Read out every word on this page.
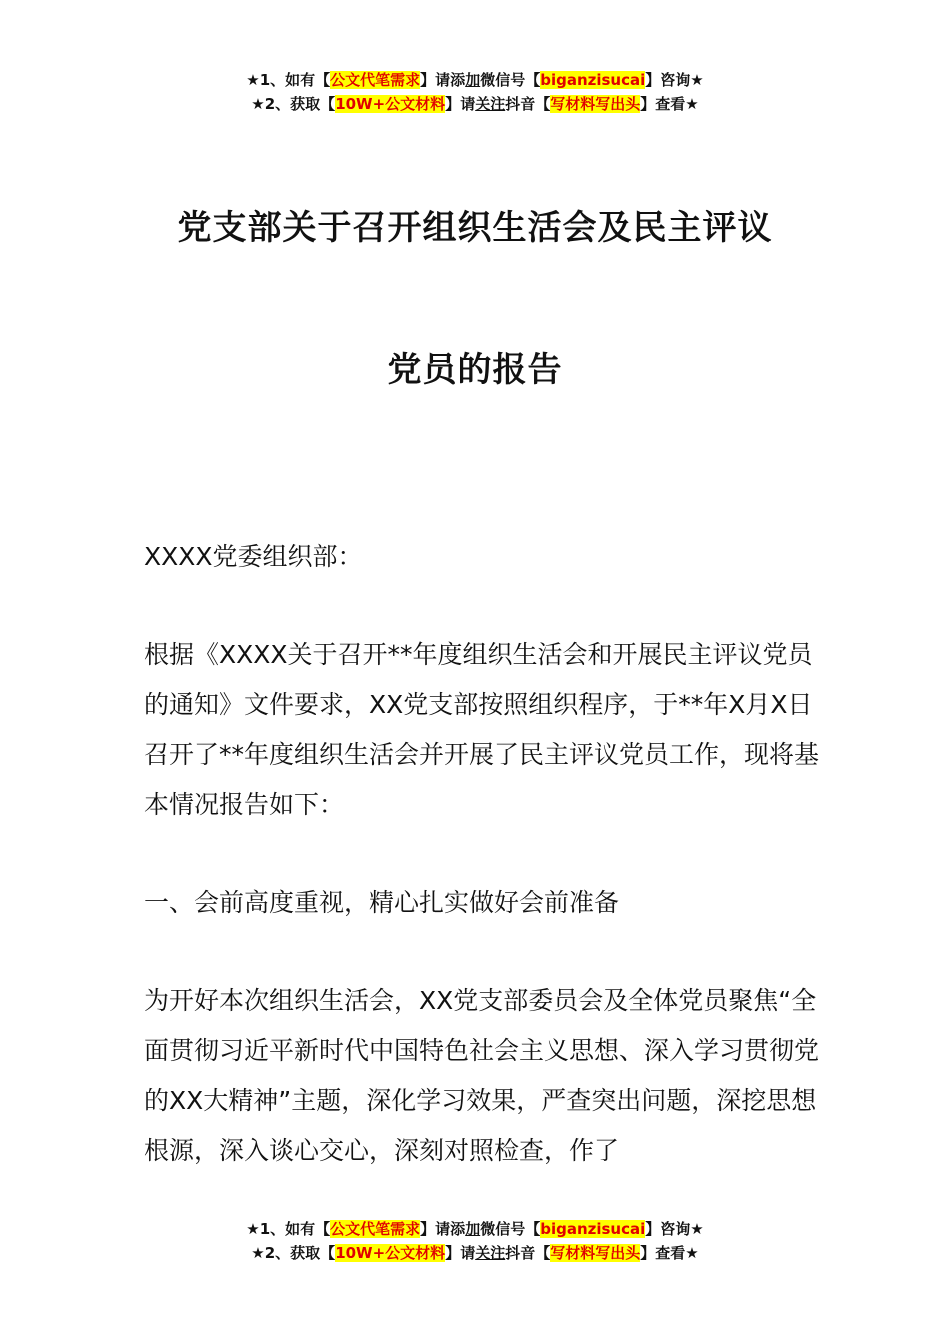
★1、如有【公文代笔需求】请添加微信号【biganzisucai】咨询★
★2、获取【10W+公文材料】请关注抖音【写材料写出头】查看★
党支部关于召开组织生活会及民主评议
党员的报告
XXXX党委组织部：

根据《XXXX关于召开**年度组织生活会和开展民主评议党员的通知》文件要求，XX党支部按照组织程序，于**年X月X日召开了**年度组织生活会并开展了民主评议党员工作，现将基本情况报告如下：

一、会前高度重视，精心扎实做好会前准备

为开好本次组织生活会，XX党支部委员会及全体党员聚焦“全面贯彻习近平新时代中国特色社会主义思想、深入学习贯彻党的XX大精神”主题，深化学习效果，严查突出问题，深挖思想根源，深入谈心交心，深刻对照检查，作了

★1、如有【公文代笔需求】请添加微信号【biganzisucai】咨询★
★2、获取【10W+公文材料】请关注抖音【写材料写出头】查看★
